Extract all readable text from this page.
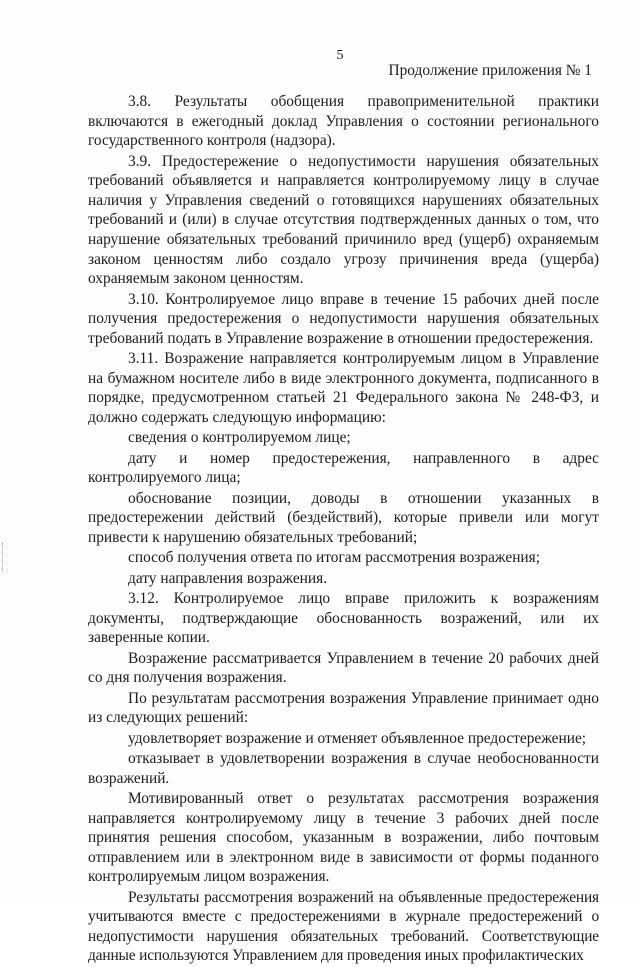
5
Продолжение приложения № 1

3.8. Результаты обобщения правоприменительной практики включаются в ежегодный доклад Управления о состоянии регионального государственного контроля (надзора).

3.9. Предостережение о недопустимости нарушения обязательных требований объявляется и направляется контролируемому лицу в случае наличия у Управления сведений о готовящихся нарушениях обязательных требований и (или) в случае отсутствия подтвержденных данных о том, что нарушение обязательных требований причинило вред (ущерб) охраняемым законом ценностям либо создало угрозу причинения вреда (ущерба) охраняемым законом ценностям.

3.10. Контролируемое лицо вправе в течение 15 рабочих дней после получения предостережения о недопустимости нарушения обязательных требований подать в Управление возражение в отношении предостережения.

3.11. Возражение направляется контролируемым лицом в Управление на бумажном носителе либо в виде электронного документа, подписанного в порядке, предусмотренном статьей 21 Федерального закона № 248-ФЗ, и должно содержать следующую информацию:

сведения о контролируемом лице;

дату и номер предостережения, направленного в адрес контролируемого лица;

обоснование позиции, доводы в отношении указанных в предостережении действий (бездействий), которые привели или могут привести к нарушению обязательных требований;

способ получения ответа по итогам рассмотрения возражения;

дату направления возражения.

3.12. Контролируемое лицо вправе приложить к возражениям документы, подтверждающие обоснованность возражений, или их заверенные копии.

Возражение рассматривается Управлением в течение 20 рабочих дней со дня получения возражения.

По результатам рассмотрения возражения Управление принимает одно из следующих решений:

удовлетворяет возражение и отменяет объявленное предостережение;

отказывает в удовлетворении возражения в случае необоснованности возражений.

Мотивированный ответ о результатах рассмотрения возражения направляется контролируемому лицу в течение 3 рабочих дней после принятия решения способом, указанным в возражении, либо почтовым отправлением или в электронном виде в зависимости от формы поданного контролируемым лицом возражения.

Результаты рассмотрения возражений на объявленные предостережения учитываются вместе с предостережениями в журнале предостережений о недопустимости нарушения обязательных требований. Соответствующие данные используются Управлением для проведения иных профилактических
